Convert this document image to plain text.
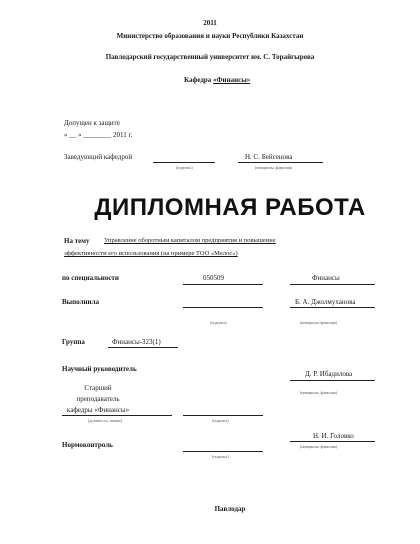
2011
Министерство образования и науки Республики Казахстан
Павлодарский государственный университет им. С. Торайгырова
Кафедра «Финансы»
Допущен к защите
« __ » ________ 2011 г.
Заведующий кафедрой	Н. С. Бейсенова
(подпись)	(инициалы, фамилия)
ДИПЛОМНАЯ РАБОТА
На тему Управление оборотным капиталом предприятия и повышение
эффективности его использования (на примере ТОО «Мелос»)
по специальности	050509	Финансы
Выполнила	Б. А. Джолмуханова
(подпись)	(инициалы, фамилия)
Группа	Финансы-323(1)
Научный руководитель
Д. Р. Ибадилова
Старший
преподаватель
кафедры «Финансы»
(должность, звание)	(подпись)
(инициалы, фамилия)
Нормоконтроль
Н. И. Головко
(подпись)
(инициалы, фамилия)
Павлодар
